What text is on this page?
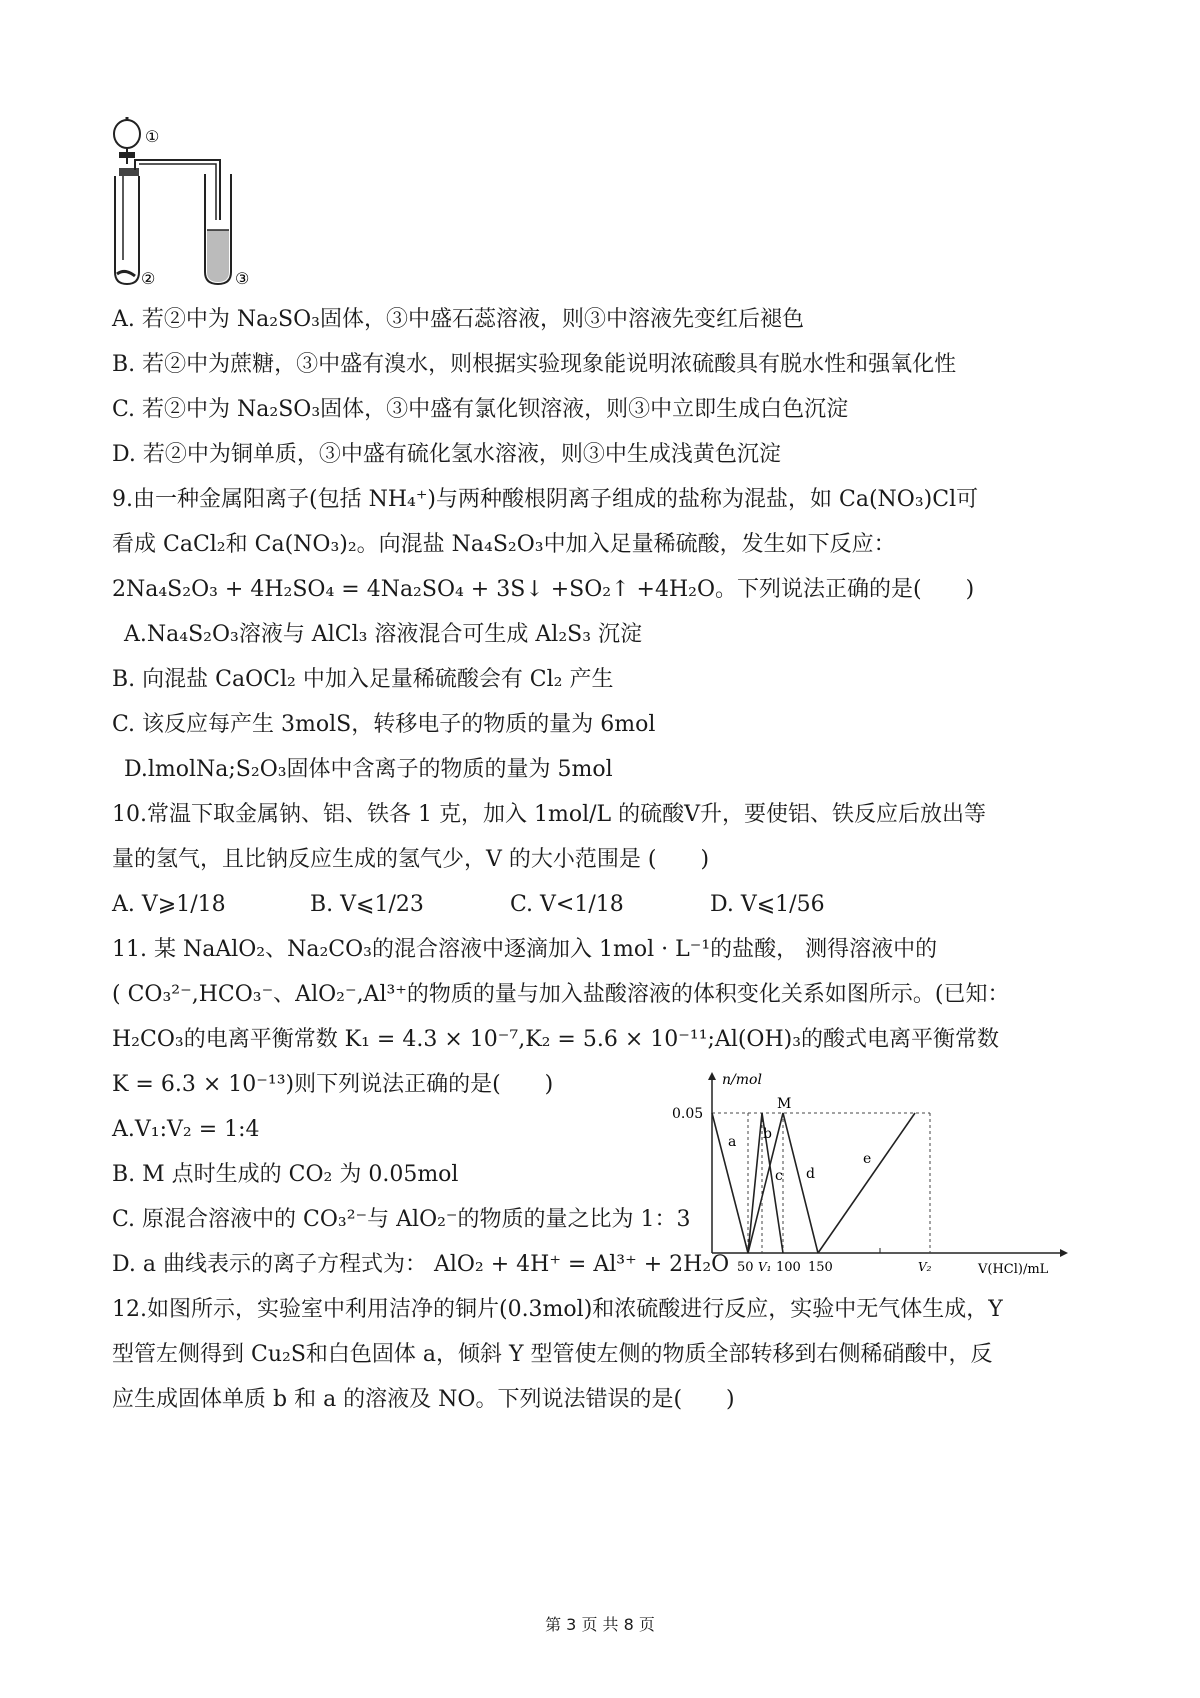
①
②	③
A. 若②中为 Na₂SO₃固体，③中盛石蕊溶液，则③中溶液先变红后褪色
B. 若②中为蔗糖，③中盛有溴水，则根据实验现象能说明浓硫酸具有脱水性和强氧化性
C. 若②中为 Na₂SO₃固体，③中盛有氯化钡溶液，则③中立即生成白色沉淀
D. 若②中为铜单质，③中盛有硫化氢水溶液，则③中生成浅黄色沉淀
9.由一种金属阳离子(包括 NH₄⁺)与两种酸根阴离子组成的盐称为混盐，如 Ca(NO₃)Cl可
看成 CaCl₂和 Ca(NO₃)₂。向混盐 Na₄S₂O₃中加入足量稀硫酸，发生如下反应：
2Na₄S₂O₃ + 4H₂SO₄ = 4Na₂SO₄ + 3S↓ +SO₂↑ +4H₂O。下列说法正确的是(　　)
A.Na₄S₂O₃溶液与 AlCl₃ 溶液混合可生成 Al₂S₃ 沉淀
B. 向混盐 CaOCl₂ 中加入足量稀硫酸会有 Cl₂ 产生
C. 该反应每产生 3molS，转移电子的物质的量为 6mol
D.lmolNa;S₂O₃固体中含离子的物质的量为 5mol
10.常温下取金属钠、铝、铁各 1 克，加入 1mol/L 的硫酸V升，要使铝、铁反应后放出等
量的氢气，且比钠反应生成的氢气少，V 的大小范围是 (　　)
A. V⩾1/18	B. V⩽1/23	C. V<1/18	D. V⩽1/56
11. 某 NaAlO₂、Na₂CO₃的混合溶液中逐滴加入 1mol · L⁻¹的盐酸， 测得溶液中的
( CO₃²⁻,HCO₃⁻、AlO₂⁻,Al³⁺的物质的量与加入盐酸溶液的体积变化关系如图所示。(已知：
H₂CO₃的电离平衡常数 K₁ = 4.3 × 10⁻⁷,K₂ = 5.6 × 10⁻¹¹;Al(OH)₃的酸式电离平衡常数
K = 6.3 × 10⁻¹³)则下列说法正确的是(　　)
A.V₁:V₂ = 1:4
B. M 点时生成的 CO₂ 为 0.05mol
C. 原混合溶液中的 CO₃²⁻与 AlO₂⁻的物质的量之比为 1：3
D. a 曲线表示的离子方程式为： AlO₂ + 4H⁺ = Al³⁺ + 2H₂O
n/mol
V(HCl)/mL
0.05
a b
c d
e
M
50 V₁ 100 150	V₂
12.如图所示，实验室中利用洁净的铜片(0.3mol)和浓硫酸进行反应，实验中无气体生成，Y
型管左侧得到 Cu₂S和白色固体 a，倾斜 Y 型管使左侧的物质全部转移到右侧稀硝酸中，反
应生成固体单质 b 和 a 的溶液及 NO。下列说法错误的是(　　)
第 3 页 共 8 页
